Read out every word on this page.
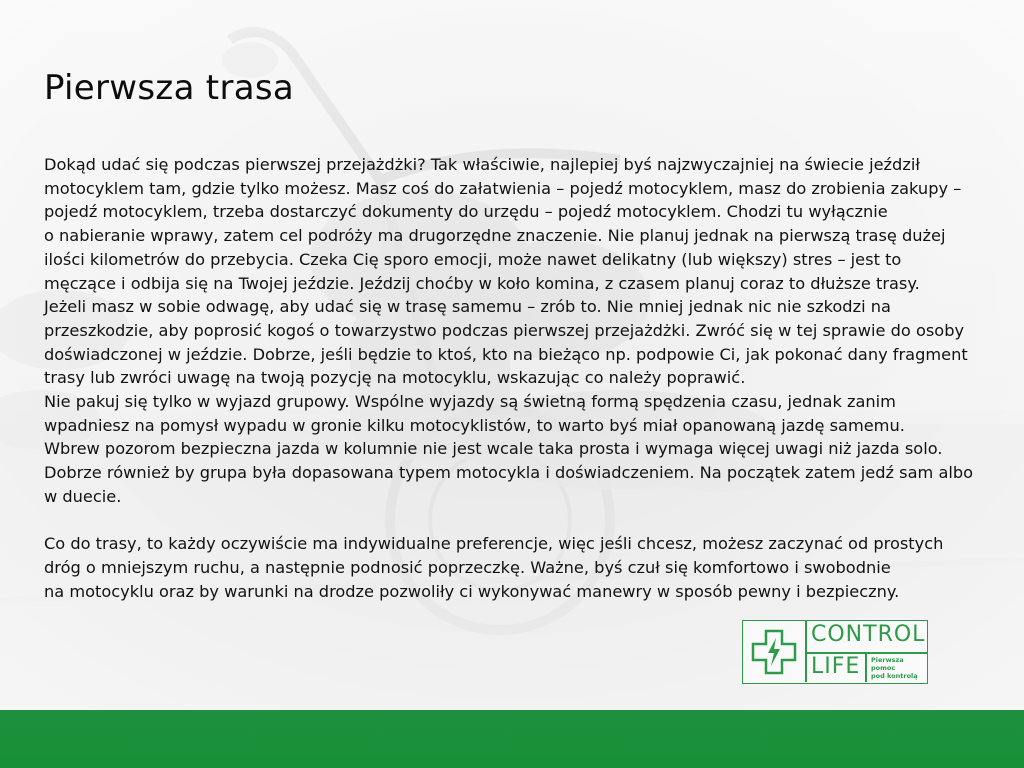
Pierwsza trasa
Dokąd udać się podczas pierwszej przejażdżki? Tak właściwie, najlepiej byś najzwyczajniej na świecie jeździł
motocyklem tam, gdzie tylko możesz. Masz coś do załatwienia – pojedź motocyklem, masz do zrobienia zakupy –
pojedź motocyklem, trzeba dostarczyć dokumenty do urzędu – pojedź motocyklem. Chodzi tu wyłącznie
o nabieranie wprawy, zatem cel podróży ma drugorzędne znaczenie. Nie planuj jednak na pierwszą trasę dużej
ilości kilometrów do przebycia. Czeka Cię sporo emocji, może nawet delikatny (lub większy) stres – jest to
męczące i odbija się na Twojej jeździe. Jeździj choćby w koło komina, z czasem planuj coraz to dłuższe trasy.
Jeżeli masz w sobie odwagę, aby udać się w trasę samemu – zrób to. Nie mniej jednak nic nie szkodzi na
przeszkodzie, aby poprosić kogoś o towarzystwo podczas pierwszej przejażdżki. Zwróć się w tej sprawie do osoby
doświadczonej w jeździe. Dobrze, jeśli będzie to ktoś, kto na bieżąco np. podpowie Ci, jak pokonać dany fragment
trasy lub zwróci uwagę na twoją pozycję na motocyklu, wskazując co należy poprawić.
Nie pakuj się tylko w wyjazd grupowy. Wspólne wyjazdy są świetną formą spędzenia czasu, jednak zanim
wpadniesz na pomysł wypadu w gronie kilku motocyklistów, to warto byś miał opanowaną jazdę samemu.
Wbrew pozorom bezpieczna jazda w kolumnie nie jest wcale taka prosta i wymaga więcej uwagi niż jazda solo.
Dobrze również by grupa była dopasowana typem motocykla i doświadczeniem. Na początek zatem jedź sam albo
w duecie.
Co do trasy, to każdy oczywiście ma indywidualne preferencje, więc jeśli chcesz, możesz zaczynać od prostych
dróg o mniejszym ruchu, a następnie podnosić poprzeczkę. Ważne, byś czuł się komfortowo i swobodnie
na motocyklu oraz by warunki na drodze pozwoliły ci wykonywać manewry w sposób pewny i bezpieczny.
CONTROL
LIFE Pierwsza
pomoc
pod kontrolą
